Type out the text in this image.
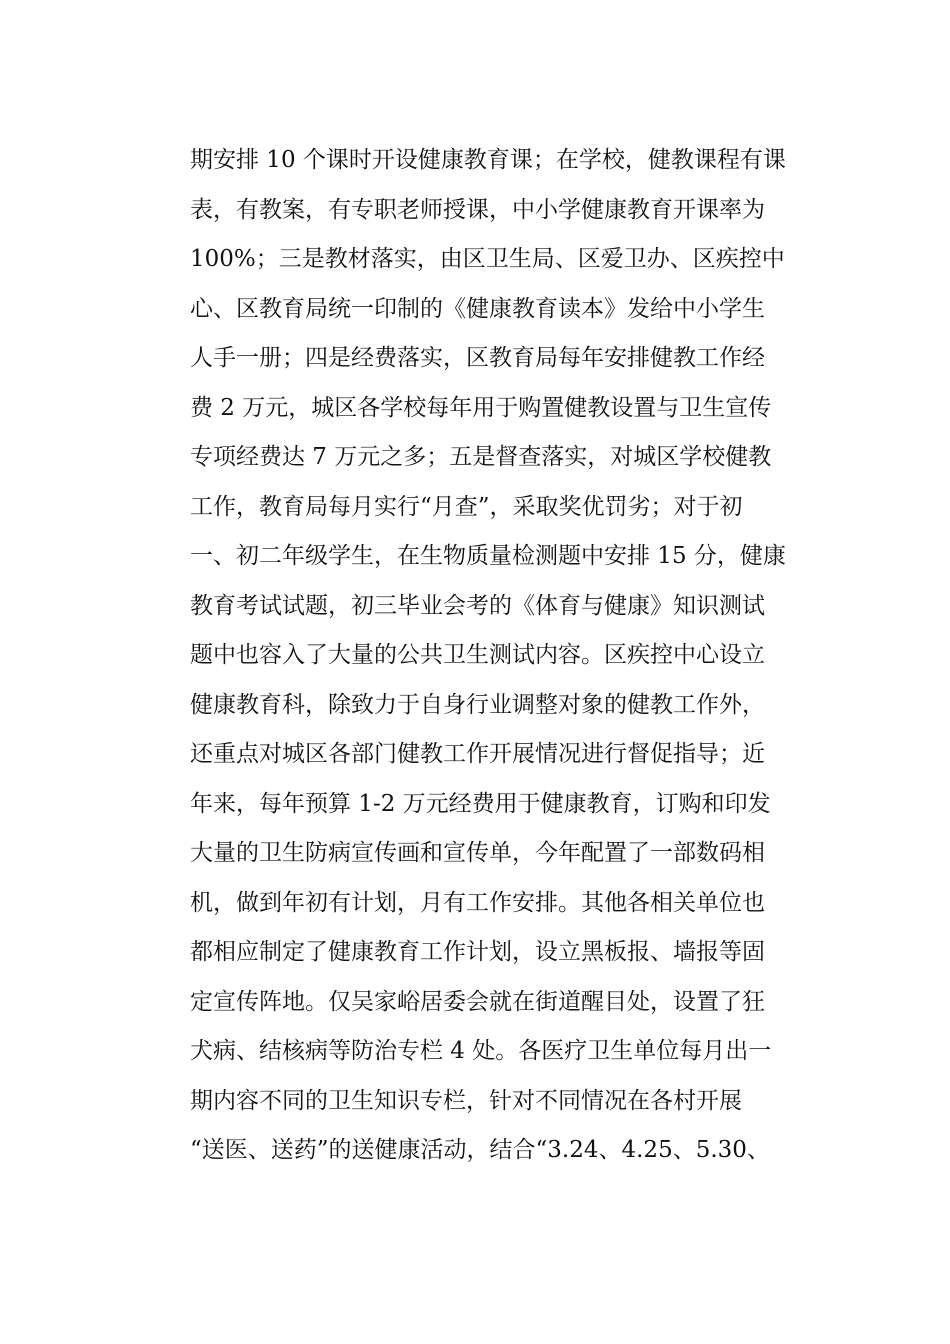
期安排 10 个课时开设健康教育课；在学校，健教课程有课
表，有教案，有专职老师授课，中小学健康教育开课率为
100%；三是教材落实，由区卫生局、区爱卫办、区疾控中
心、区教育局统一印制的《健康教育读本》发给中小学生
人手一册；四是经费落实，区教育局每年安排健教工作经
费 2 万元，城区各学校每年用于购置健教设置与卫生宣传
专项经费达 7 万元之多；五是督查落实，对城区学校健教
工作，教育局每月实行“月查”，采取奖优罚劣；对于初
一、初二年级学生，在生物质量检测题中安排 15 分，健康
教育考试试题，初三毕业会考的《体育与健康》知识测试
题中也容入了大量的公共卫生测试内容。区疾控中心设立
健康教育科，除致力于自身行业调整对象的健教工作外，
还重点对城区各部门健教工作开展情况进行督促指导；近
年来，每年预算 1-2 万元经费用于健康教育，订购和印发
大量的卫生防病宣传画和宣传单，今年配置了一部数码相
机，做到年初有计划，月有工作安排。其他各相关单位也
都相应制定了健康教育工作计划，设立黑板报、墙报等固
定宣传阵地。仅吴家峪居委会就在街道醒目处，设置了狂
犬病、结核病等防治专栏 4 处。各医疗卫生单位每月出一
期内容不同的卫生知识专栏，针对不同情况在各村开展
“送医、送药”的送健康活动，结合“3.24、4.25、5.30、
